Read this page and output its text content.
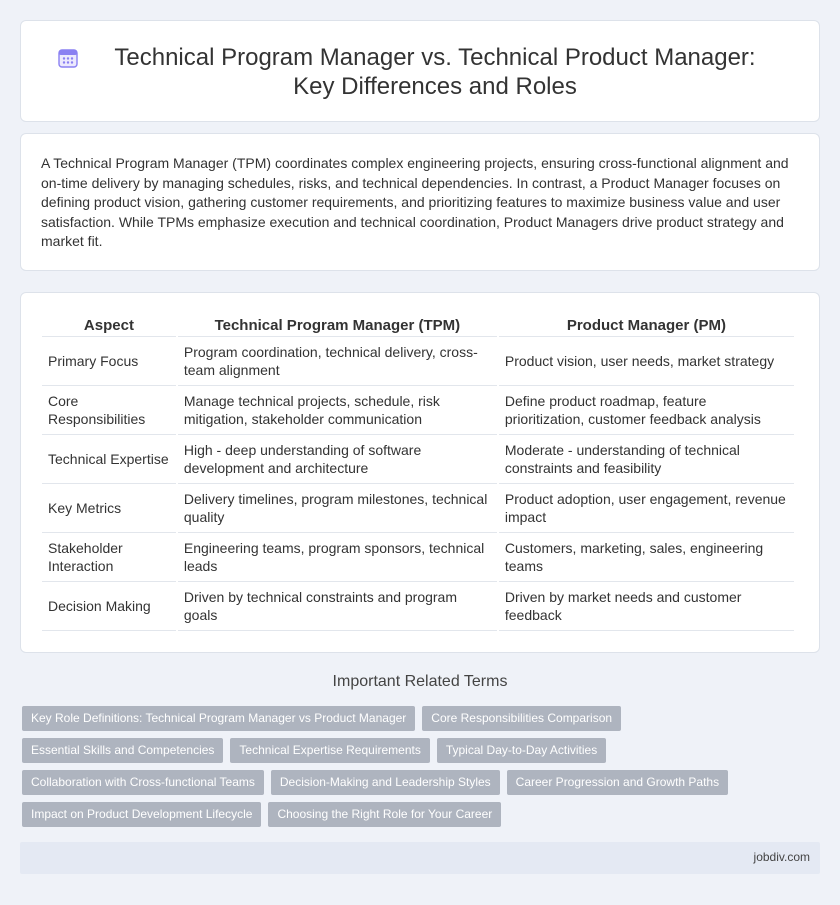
Technical Program Manager vs. Technical Product Manager: Key Differences and Roles

A Technical Program Manager (TPM) coordinates complex engineering projects, ensuring cross-functional alignment and on-time delivery by managing schedules, risks, and technical dependencies. In contrast, a Product Manager focuses on defining product vision, gathering customer requirements, and prioritizing features to maximize business value and user satisfaction. While TPMs emphasize execution and technical coordination, Product Managers drive product strategy and market fit.

Aspect	Technical Program Manager (TPM)	Product Manager (PM)
Primary Focus	Program coordination, technical delivery, cross-team alignment	Product vision, user needs, market strategy
Core Responsibilities	Manage technical projects, schedule, risk mitigation, stakeholder communication	Define product roadmap, feature prioritization, customer feedback analysis
Technical Expertise	High - deep understanding of software development and architecture	Moderate - understanding of technical constraints and feasibility
Key Metrics	Delivery timelines, program milestones, technical quality	Product adoption, user engagement, revenue impact
Stakeholder Interaction	Engineering teams, program sponsors, technical leads	Customers, marketing, sales, engineering teams
Decision Making	Driven by technical constraints and program goals	Driven by market needs and customer feedback
Important Related Terms
Key Role Definitions: Technical Program Manager vs Product Manager	Core Responsibilities Comparison
Essential Skills and Competencies	Technical Expertise Requirements	Typical Day-to-Day Activities
Collaboration with Cross-functional Teams	Decision-Making and Leadership Styles	Career Progression and Growth Paths
Impact on Product Development Lifecycle	Choosing the Right Role for Your Career
jobdiv.com
